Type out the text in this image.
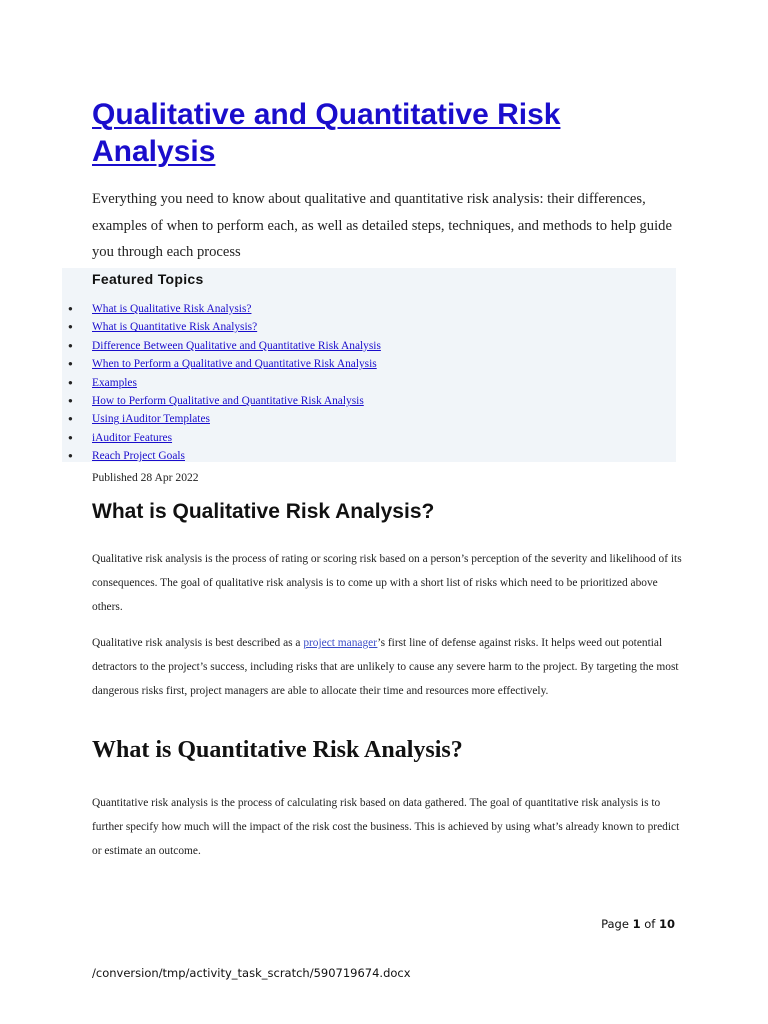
Qualitative and Quantitative Risk Analysis

Everything you need to know about qualitative and quantitative risk analysis: their differences, examples of when to perform each, as well as detailed steps, techniques, and methods to help guide you through each process

Featured Topics
● What is Qualitative Risk Analysis?
● What is Quantitative Risk Analysis?
● Difference Between Qualitative and Quantitative Risk Analysis
● When to Perform a Qualitative and Quantitative Risk Analysis
● Examples
● How to Perform Qualitative and Quantitative Risk Analysis
● Using iAuditor Templates
● iAuditor Features
● Reach Project Goals

Published 28 Apr 2022

What is Qualitative Risk Analysis?

Qualitative risk analysis is the process of rating or scoring risk based on a person’s perception of the severity and likelihood of its consequences. The goal of qualitative risk analysis is to come up with a short list of risks which need to be prioritized above others.

Qualitative risk analysis is best described as a project manager’s first line of defense against risks. It helps weed out potential detractors to the project’s success, including risks that are unlikely to cause any severe harm to the project. By targeting the most dangerous risks first, project managers are able to allocate their time and resources more effectively.

What is Quantitative Risk Analysis?

Quantitative risk analysis is the process of calculating risk based on data gathered. The goal of quantitative risk analysis is to further specify how much will the impact of the risk cost the business. This is achieved by using what’s already known to predict or estimate an outcome.

Page 1 of 10

/conversion/tmp/activity_task_scratch/590719674.docx
